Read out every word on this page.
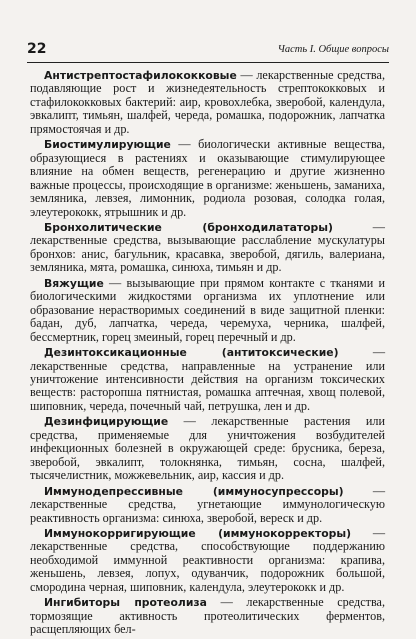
22	Часть I. Общие вопросы

Антистрептостафилококковые — лекарственные средства, подавляющие рост и жизнедеятельность стрептококковых и стафилококковых бактерий: аир, кровохлебка, зверобой, календула, эвкалипт, тимьян, шалфей, череда, ромашка, подорожник, лапчатка прямостоячая и др.

Биостимулирующие — биологически активные вещества, образующиеся в растениях и оказывающие стимулирующее влияние на обмен веществ, регенерацию и другие жизненно важные процессы, происходящие в организме: женьшень, заманиха, земляника, левзея, лимонник, родиола розовая, солодка голая, элеутерококк, ятрышник и др.

Бронхолитические (бронходилататоры) — лекарственные средства, вызывающие расслабление мускулатуры бронхов: анис, багульник, красавка, зверобой, дягиль, валериана, земляника, мята, ромашка, синюха, тимьян и др.

Вяжущие — вызывающие при прямом контакте с тканями и биологическими жидкостями организма их уплотнение или образование нерастворимых соединений в виде защитной пленки: бадан, дуб, лапчатка, череда, черемуха, черника, шалфей, бессмертник, горец змеиный, горец перечный и др.

Дезинтоксикационные (антитоксические) — лекарственные средства, направленные на устранение или уничтожение интенсивности действия на организм токсических веществ: расторопша пятнистая, ромашка аптечная, хвощ полевой, шиповник, череда, почечный чай, петрушка, лен и др.

Дезинфицирующие — лекарственные растения или средства, применяемые для уничтожения возбудителей инфекционных болезней в окружающей среде: брусника, береза, зверобой, эвкалипт, толокнянка, тимьян, сосна, шалфей, тысячелистник, можжевельник, аир, кассия и др.

Иммунодепрессивные (иммуносупрессоры) — лекарственные средства, угнетающие иммунологическую реактивность организма: синюха, зверобой, вереск и др.

Иммунокорригирующие (иммунокорректоры) — лекарственные средства, способствующие поддержанию необходимой иммунной реактивности организма: крапива, женьшень, левзея, лопух, одуванчик, подорожник большой, смородина черная, шиповник, календула, элеутерококк и др.

Ингибиторы протеолиза — лекарственные средства, тормозящие активность протеолитических ферментов, расщепляющих бел-
